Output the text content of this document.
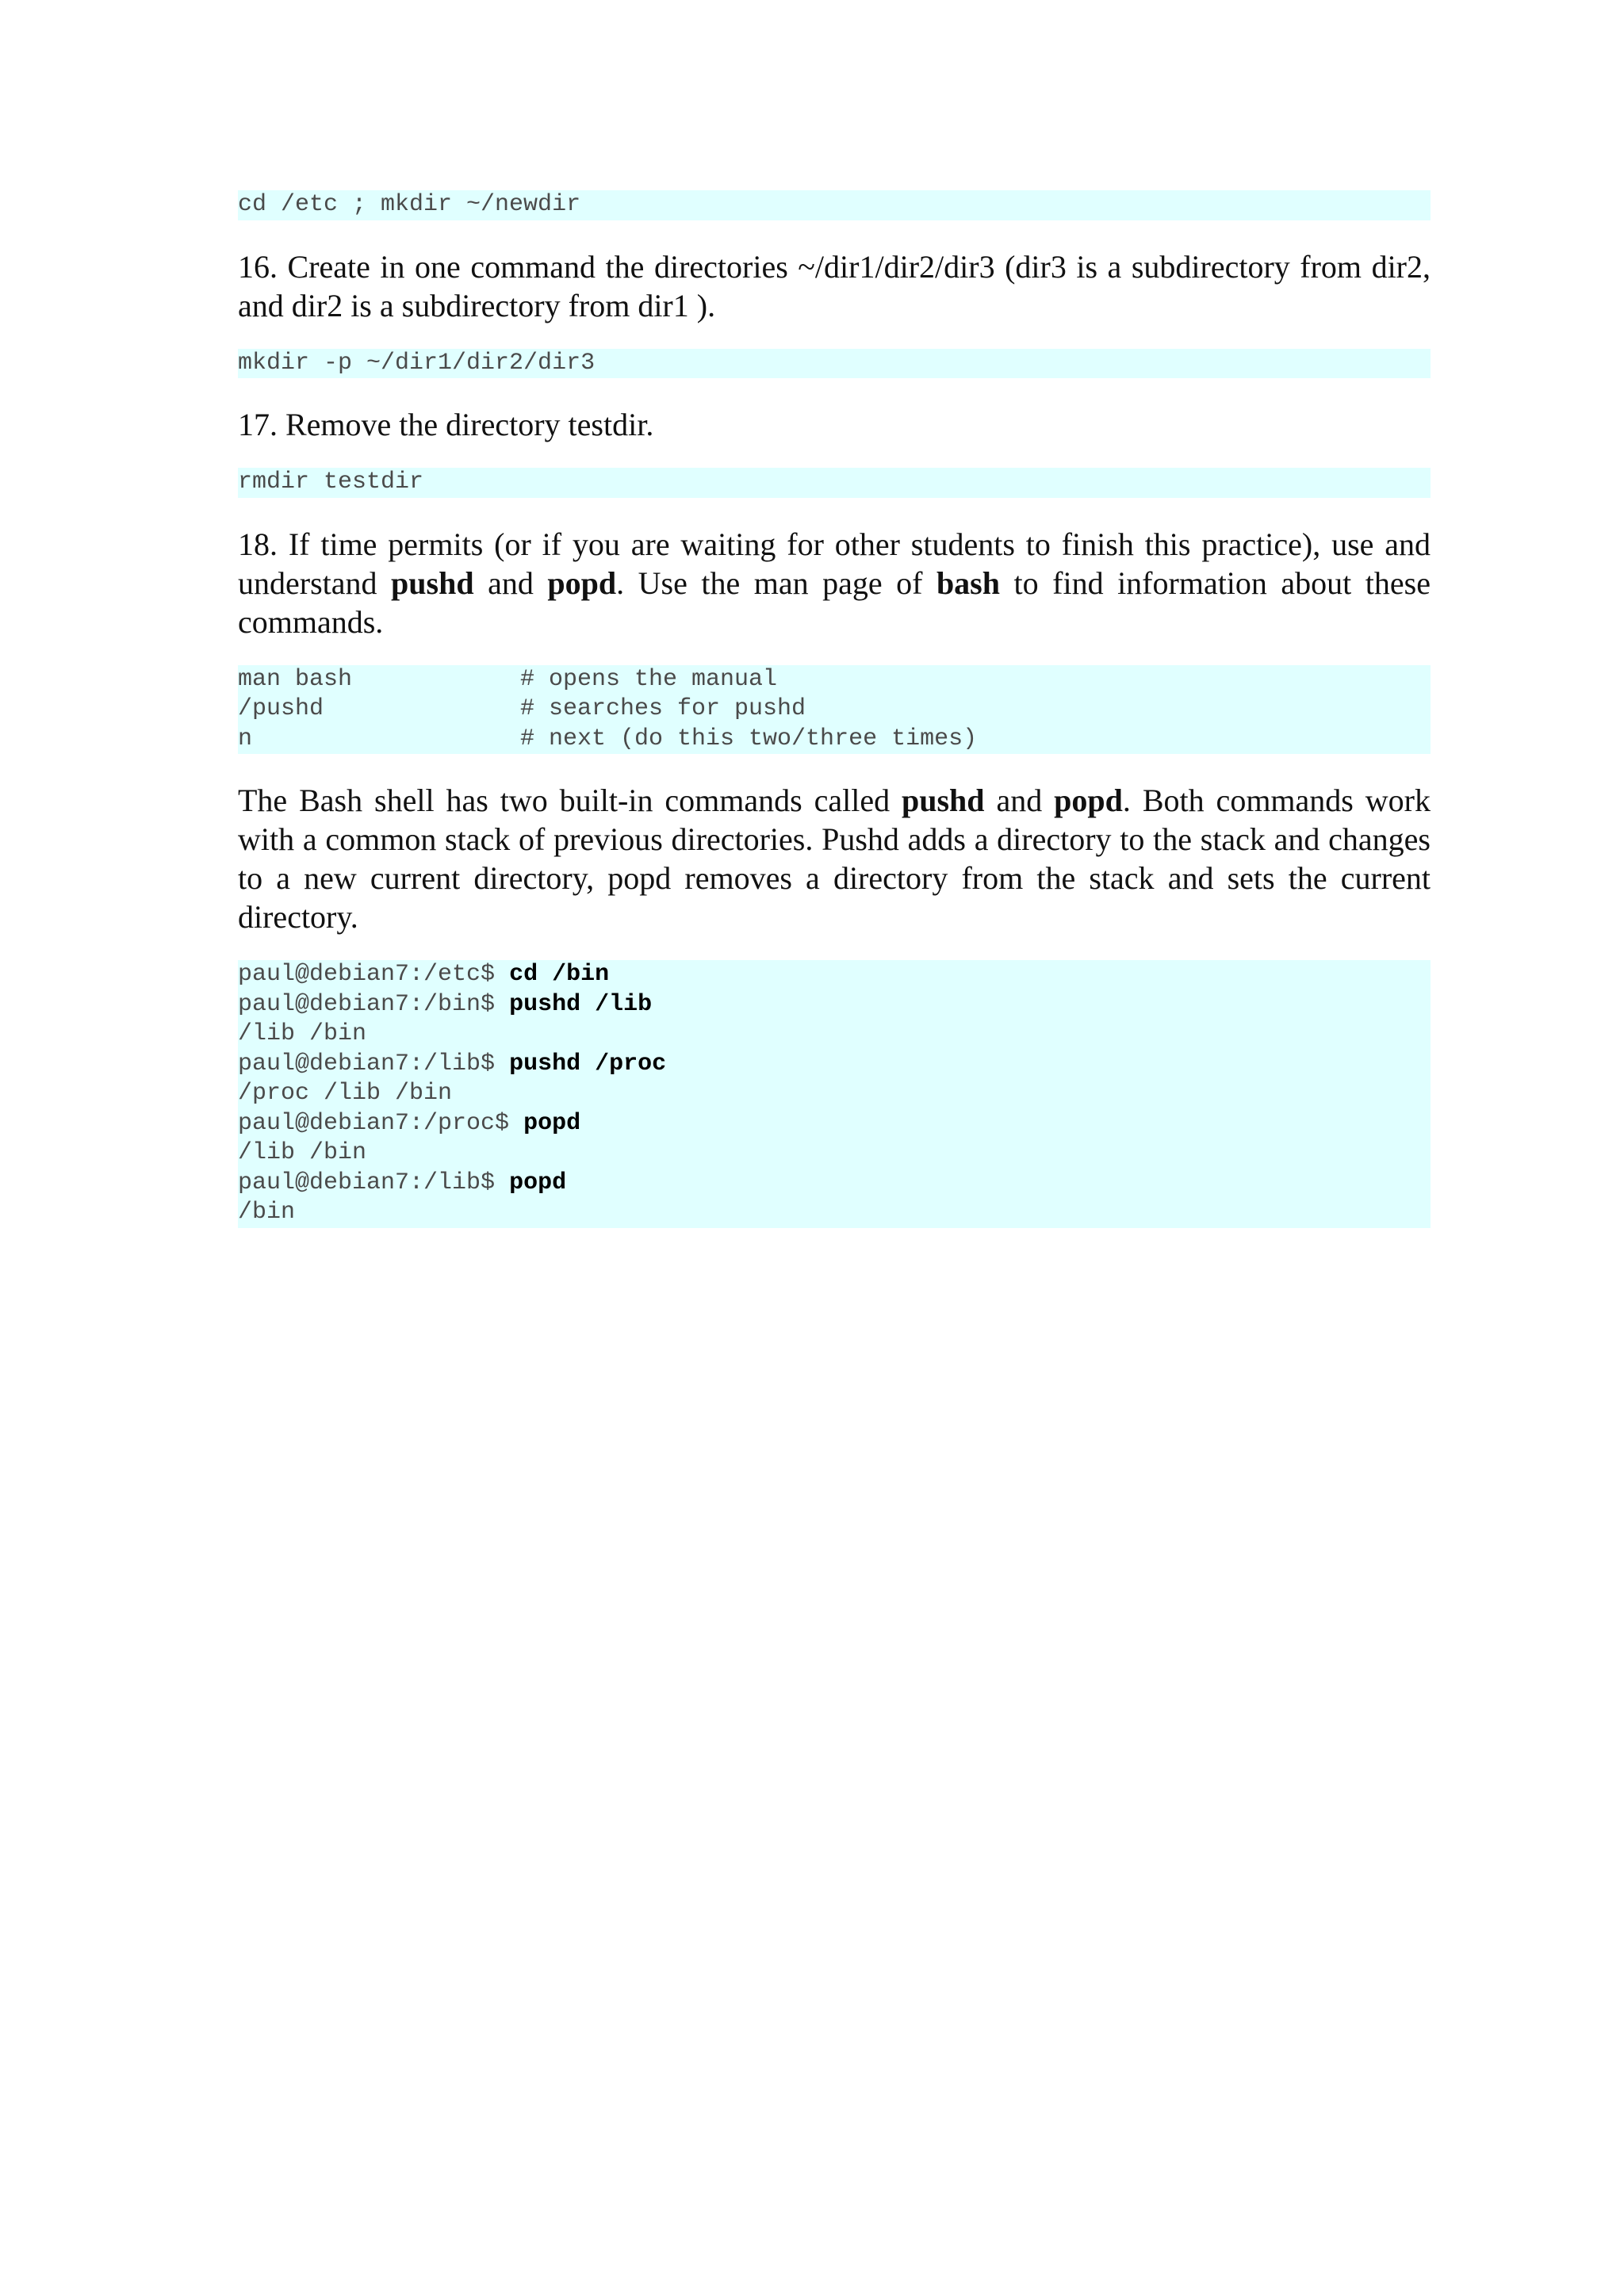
cd /etc ; mkdir ~/newdir

16. Create in one command the directories ~/dir1/dir2/dir3 (dir3 is a subdirectory from dir2, and dir2 is a subdirectory from dir1 ).

mkdir -p ~/dir1/dir2/dir3

17. Remove the directory testdir.

rmdir testdir

18. If time permits (or if you are waiting for other students to finish this practice), use and understand pushd and popd. Use the man page of bash to find information about these commands.

man bash	# opens the manual
/pushd	# searches for pushd
n	# next (do this two/three times)

The Bash shell has two built-in commands called pushd and popd. Both commands work with a common stack of previous directories. Pushd adds a directory to the stack and changes to a new current directory, popd removes a directory from the stack and sets the current directory.

paul@debian7:/etc$ cd /bin
paul@debian7:/bin$ pushd /lib
/lib /bin
paul@debian7:/lib$ pushd /proc
/proc /lib /bin
paul@debian7:/proc$ popd
/lib /bin
paul@debian7:/lib$ popd
/bin
